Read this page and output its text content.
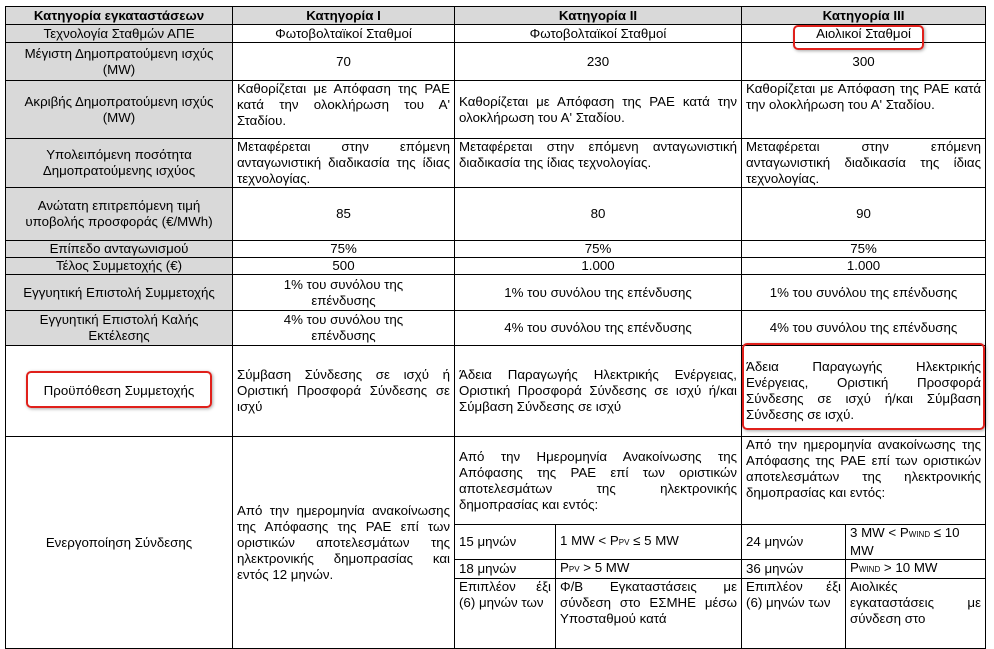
Κατηγορία εγκαταστάσεων	Κατηγορία I	Κατηγορία II		Κατηγορία III	
Τεχνολογία Σταθμών ΑΠΕ	Φωτοβολταϊκοί Σταθμοί	Φωτοβολταϊκοί Σταθμοί		Αιολικοί Σταθμοί	
Μέγιστη Δημοπρατούμενη ισχύς (MW)	70	230		300	
Ακριβής Δημοπρατούμενη ισχύς (MW)	Καθορίζεται με Απόφαση της ΡΑΕ κατά την ολοκλήρωση του Α' Σταδίου.	Καθορίζεται με Απόφαση της ΡΑΕ κατά την ολοκλήρωση του Α' Σταδίου.		Καθορίζεται με Απόφαση της ΡΑΕ κατά την ολοκλήρωση του Α' Σταδίου.	
Υπολειπόμενη ποσότητα Δημοπρατούμενης ισχύος	Μεταφέρεται στην επόμενη ανταγωνιστική διαδικασία της ίδιας τεχνολογίας.	Μεταφέρεται στην επόμενη ανταγωνιστική διαδικασία της ίδιας τεχνολογίας.		Μεταφέρεται στην επόμενη ανταγωνιστική διαδικασία της ίδιας τεχνολογίας.	
Ανώτατη επιτρεπόμενη τιμή υποβολής προσφοράς (€/MWh)	85	80		90	
Επίπεδο ανταγωνισμού	75%	75%		75%	
Τέλος Συμμετοχής (€)	500	1.000		1.000	
Εγγυητική Επιστολή Συμμετοχής	1% του συνόλου της επένδυσης	1% του συνόλου της επένδυσης		1% του συνόλου της επένδυσης	
Εγγυητική Επιστολή Καλής Εκτέλεσης	4% του συνόλου της επένδυσης	4% του συνόλου της επένδυσης		4% του συνόλου της επένδυσης	
Προϋπόθεση Συμμετοχής	Σύμβαση Σύνδεσης σε ισχύ ή Οριστική Προσφορά Σύνδεσης σε ισχύ	Άδεια Παραγωγής Ηλεκτρικής Ενέργειας, Οριστική Προσφορά Σύνδεσης σε ισχύ ή/και Σύμβαση Σύνδεσης σε ισχύ		Άδεια Παραγωγής Ηλεκτρικής Ενέργειας, Οριστική Προσφορά Σύνδεσης σε ισχύ ή/και Σύμβαση Σύνδεσης σε ισχύ.	
Ενεργοποίηση Σύνδεσης	Από την ημερομηνία ανακοίνωσης της Απόφασης της ΡΑΕ επί των οριστικών αποτελεσμάτων της ηλεκτρονικής δημοπρασίας και εντός 12 μηνών.	Από την Ημερομηνία Ανακοίνωσης της Απόφασης της ΡΑΕ επί των οριστικών αποτελεσμάτων της ηλεκτρονικής δημοπρασίας και εντός:		Από την ημερομηνία ανακοίνωσης της Απόφασης της ΡΑΕ επί των οριστικών αποτελεσμάτων της ηλεκτρονικής δημοπρασίας και εντός:	
		15 μηνών	1 MW < PPV ≤ 5 MW	24 μηνών	3 MW < PWIND ≤ 10 MW
		18 μηνών	PPV > 5 MW	36 μηνών	PWIND > 10 MW
		Επιπλέον έξι (6) μηνών των	Φ/Β Εγκαταστάσεις με σύνδεση στο ΕΣΜΗΕ μέσω Υποσταθμού κατά	Επιπλέον έξι (6) μηνών των	Αιολικές εγκαταστάσεις με σύνδεση στο
